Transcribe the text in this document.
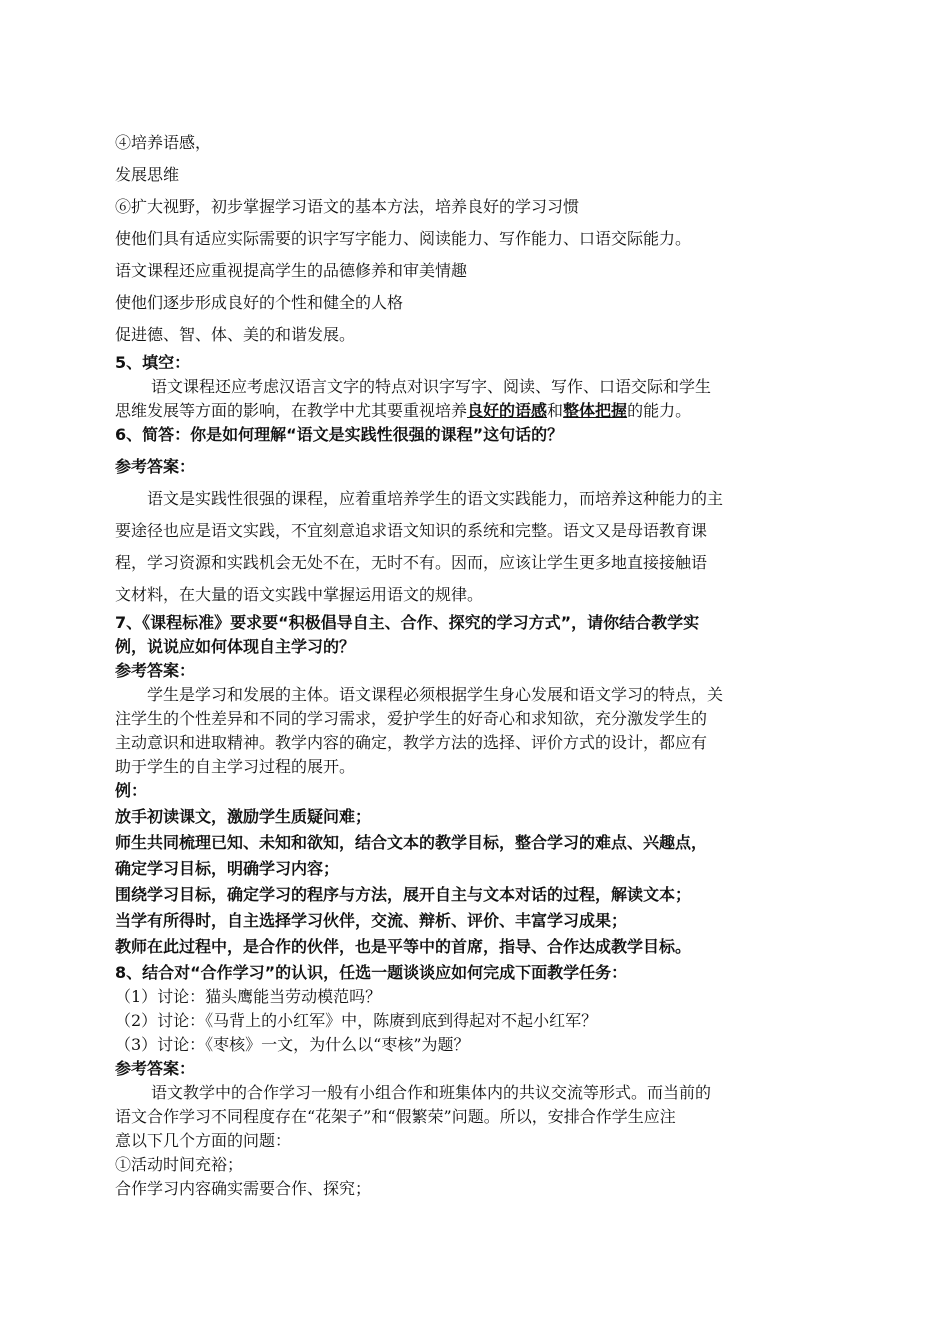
④培养语感，
发展思维
⑥扩大视野，初步掌握学习语文的基本方法，培养良好的学习习惯
使他们具有适应实际需要的识字写字能力、阅读能力、写作能力、口语交际能力。
语文课程还应重视提高学生的品德修养和审美情趣
使他们逐步形成良好的个性和健全的人格
促进德、智、体、美的和谐发展。
5、填空：
语文课程还应考虑汉语言文字的特点对识字写字、阅读、写作、口语交际和学生
思维发展等方面的影响，在教学中尤其要重视培养良好的语感和整体把握的能力。
6、简答：你是如何理解“语文是实践性很强的课程”这句话的？
参考答案：
语文是实践性很强的课程，应着重培养学生的语文实践能力，而培养这种能力的主
要途径也应是语文实践，不宜刻意追求语文知识的系统和完整。语文又是母语教育课
程，学习资源和实践机会无处不在，无时不有。因而，应该让学生更多地直接接触语
文材料，在大量的语文实践中掌握运用语文的规律。
7、《课程标准》要求要“积极倡导自主、合作、探究的学习方式”，请你结合教学实
例，说说应如何体现自主学习的？
参考答案：
学生是学习和发展的主体。语文课程必须根据学生身心发展和语文学习的特点，关
注学生的个性差异和不同的学习需求，爱护学生的好奇心和求知欲，充分激发学生的
主动意识和进取精神。教学内容的确定，教学方法的选择、评价方式的设计，都应有
助于学生的自主学习过程的展开。
例：
放手初读课文，激励学生质疑问难；
师生共同梳理已知、未知和欲知，结合文本的教学目标，整合学习的难点、兴趣点，
确定学习目标，明确学习内容；
围绕学习目标，确定学习的程序与方法，展开自主与文本对话的过程，解读文本；
当学有所得时，自主选择学习伙伴，交流、辩析、评价、丰富学习成果；
教师在此过程中，是合作的伙伴，也是平等中的首席，指导、合作达成教学目标。
8、结合对“合作学习”的认识，任选一题谈谈应如何完成下面教学任务：
（1）讨论：猫头鹰能当劳动模范吗？
（2）讨论：《马背上的小红军》中，陈赓到底到得起对不起小红军？
（3）讨论：《枣核》一文，为什么以“枣核”为题？
参考答案：
语文教学中的合作学习一般有小组合作和班集体内的共议交流等形式。而当前的
语文合作学习不同程度存在“花架子”和“假繁荣”问题。所以，安排合作学生应注
意以下几个方面的问题：
①活动时间充裕；
合作学习内容确实需要合作、探究；
